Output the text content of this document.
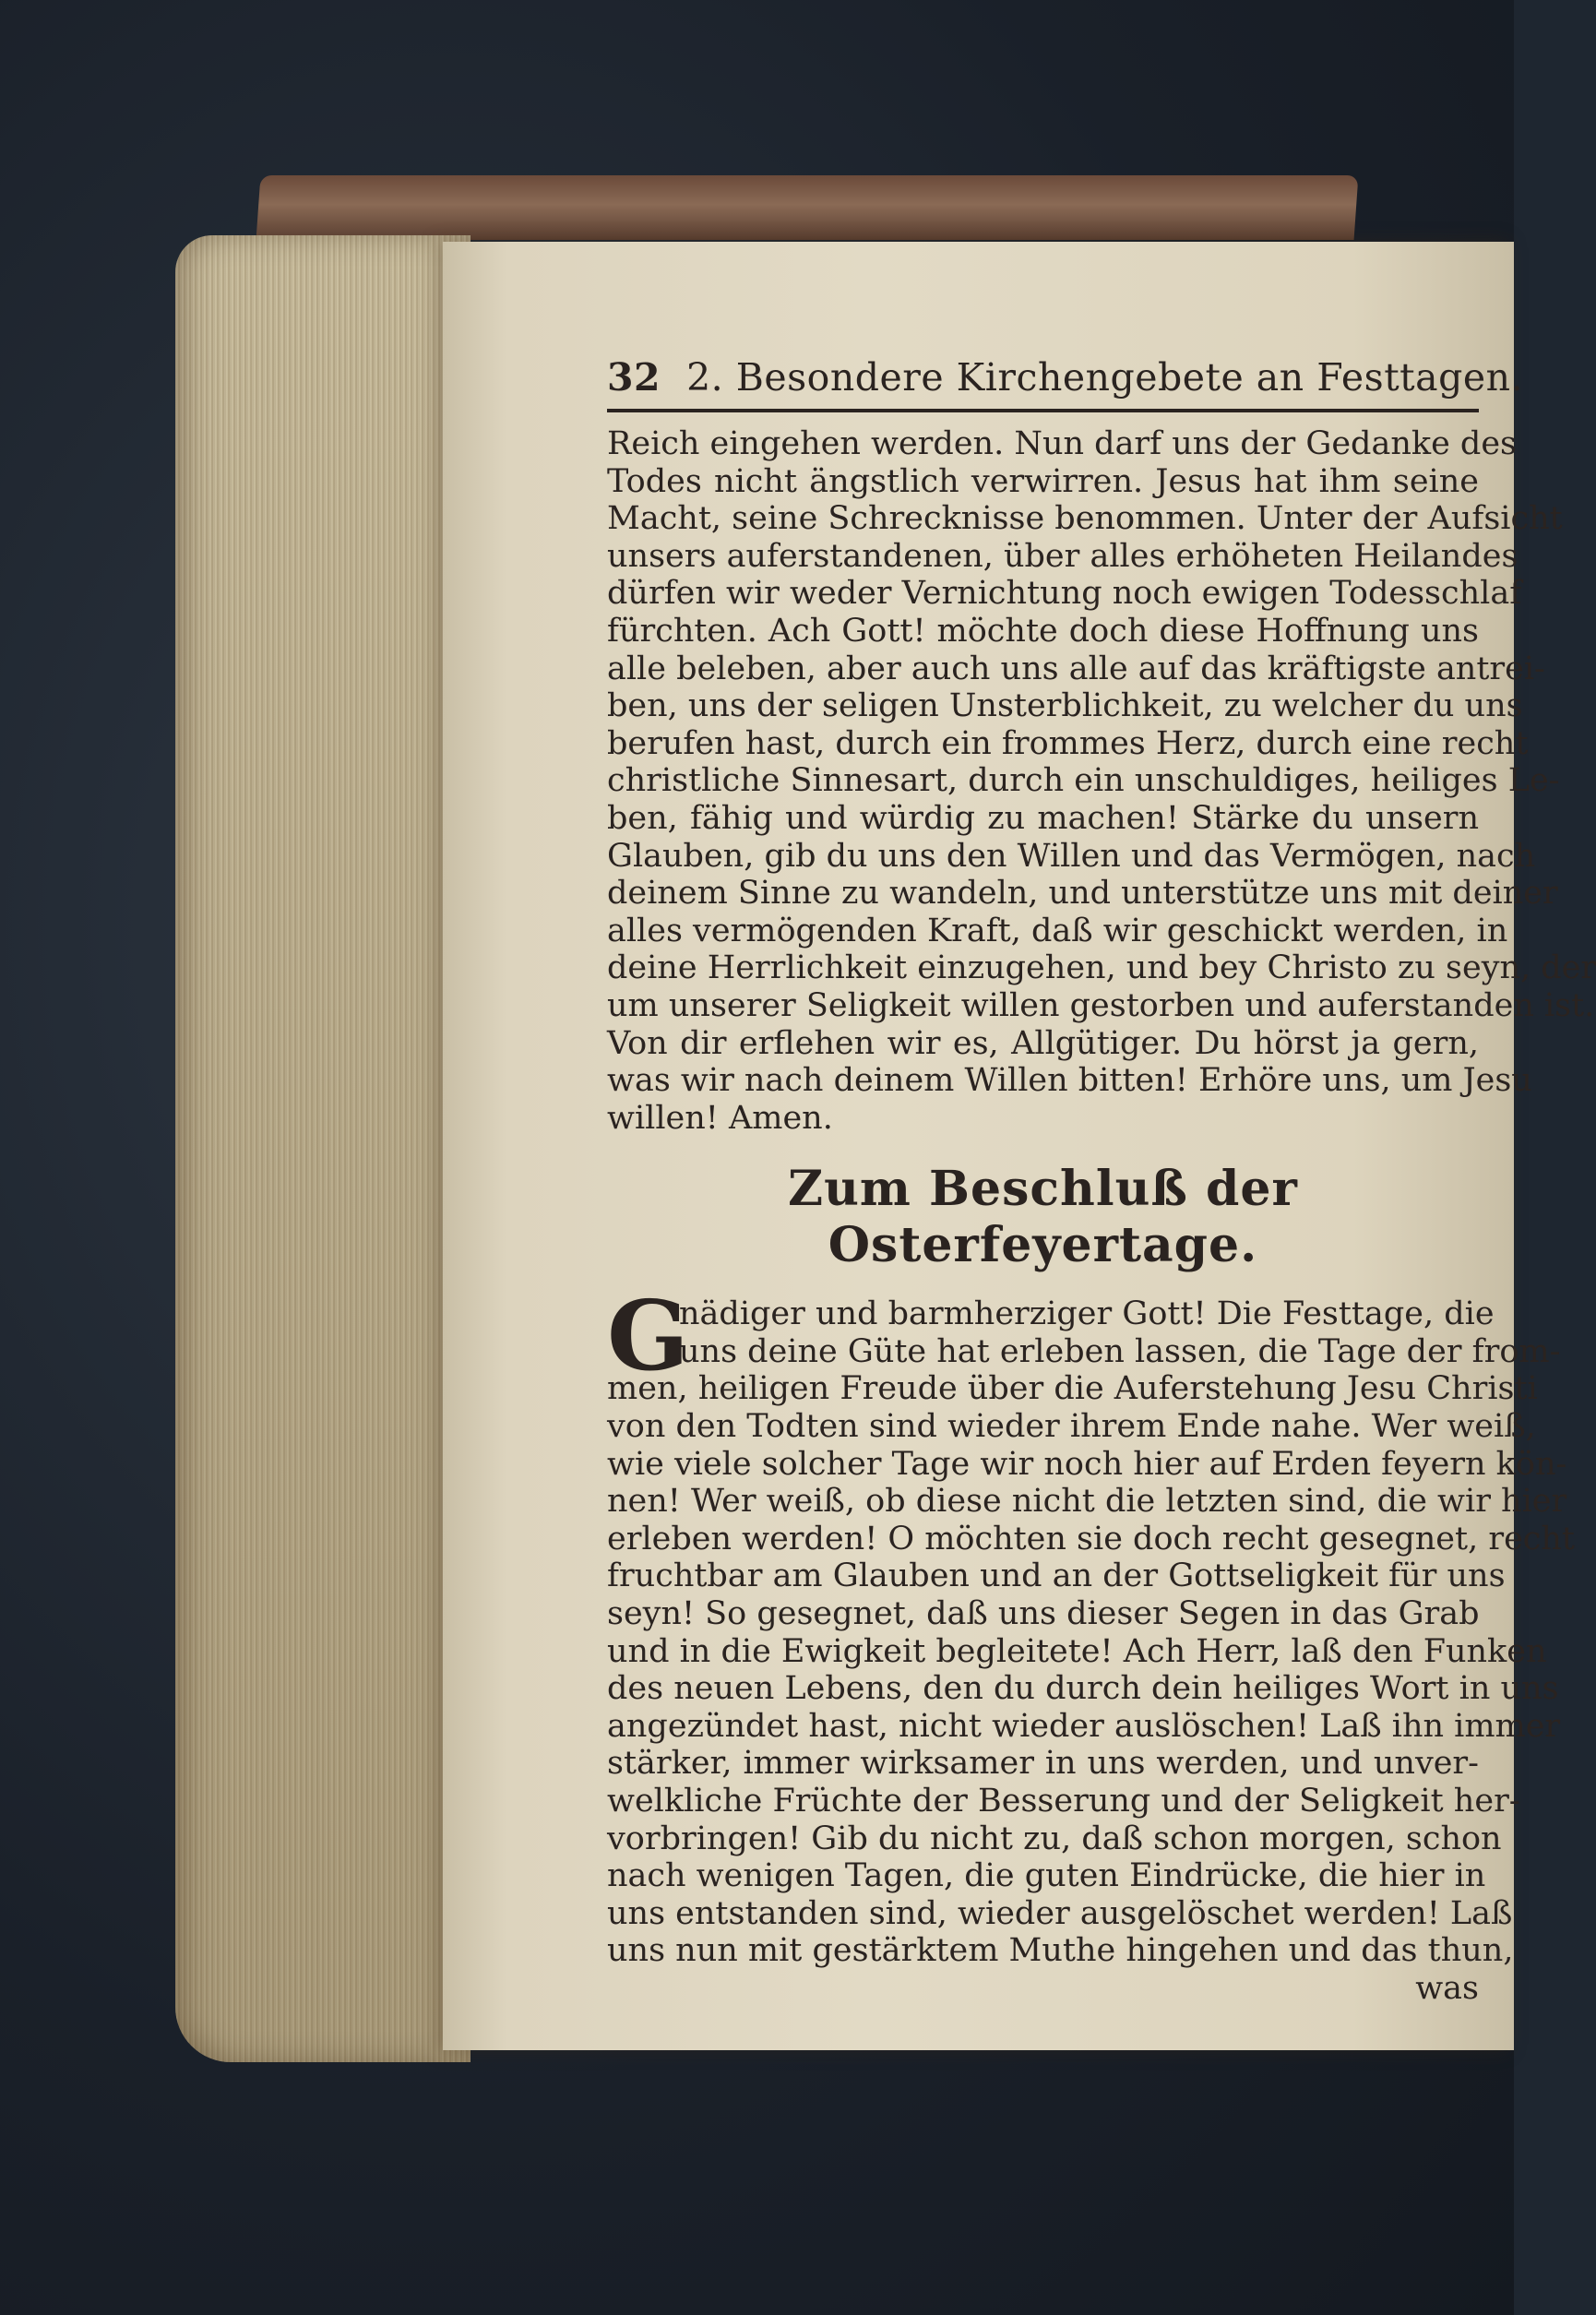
32 2. Besondere Kirchengebete an Festtagen.
Reich eingehen werden. Nun darf uns der Gedanke des
Todes nicht ängstlich verwirren. Jesus hat ihm seine
Macht, seine Schrecknisse benommen. Unter der Aufsicht
unsers auferstandenen, über alles erhöheten Heilandes
dürfen wir weder Vernichtung noch ewigen Todesschlaf
fürchten. Ach Gott! möchte doch diese Hoffnung uns
alle beleben, aber auch uns alle auf das kräftigste antrei-
ben, uns der seligen Unsterblichkeit, zu welcher du uns
berufen hast, durch ein frommes Herz, durch eine recht
christliche Sinnesart, durch ein unschuldiges, heiliges Le-
ben, fähig und würdig zu machen! Stärke du unsern
Glauben, gib du uns den Willen und das Vermögen, nach
deinem Sinne zu wandeln, und unterstütze uns mit deiner
alles vermögenden Kraft, daß wir geschickt werden, in
deine Herrlichkeit einzugehen, und bey Christo zu seyn, der
um unserer Seligkeit willen gestorben und auferstanden ist.
Von dir erflehen wir es, Allgütiger. Du hörst ja gern,
was wir nach deinem Willen bitten! Erhöre uns, um Jesu
willen! Amen.
Zum Beschluß der Osterfeyertage.
G
nädiger und barmherziger Gott! Die Festtage, die
uns deine Güte hat erleben lassen, die Tage der from-
men, heiligen Freude über die Auferstehung Jesu Christi
von den Todten sind wieder ihrem Ende nahe. Wer weiß,
wie viele solcher Tage wir noch hier auf Erden feyern kön-
nen! Wer weiß, ob diese nicht die letzten sind, die wir hier
erleben werden! O möchten sie doch recht gesegnet, recht
fruchtbar am Glauben und an der Gottseligkeit für uns
seyn! So gesegnet, daß uns dieser Segen in das Grab
und in die Ewigkeit begleitete! Ach Herr, laß den Funken
des neuen Lebens, den du durch dein heiliges Wort in uns
angezündet hast, nicht wieder auslöschen! Laß ihn immer
stärker, immer wirksamer in uns werden, und unver-
welkliche Früchte der Besserung und der Seligkeit her-
vorbringen! Gib du nicht zu, daß schon morgen, schon
nach wenigen Tagen, die guten Eindrücke, die hier in
uns entstanden sind, wieder ausgelöschet werden! Laß
uns nun mit gestärktem Muthe hingehen und das thun,
was
